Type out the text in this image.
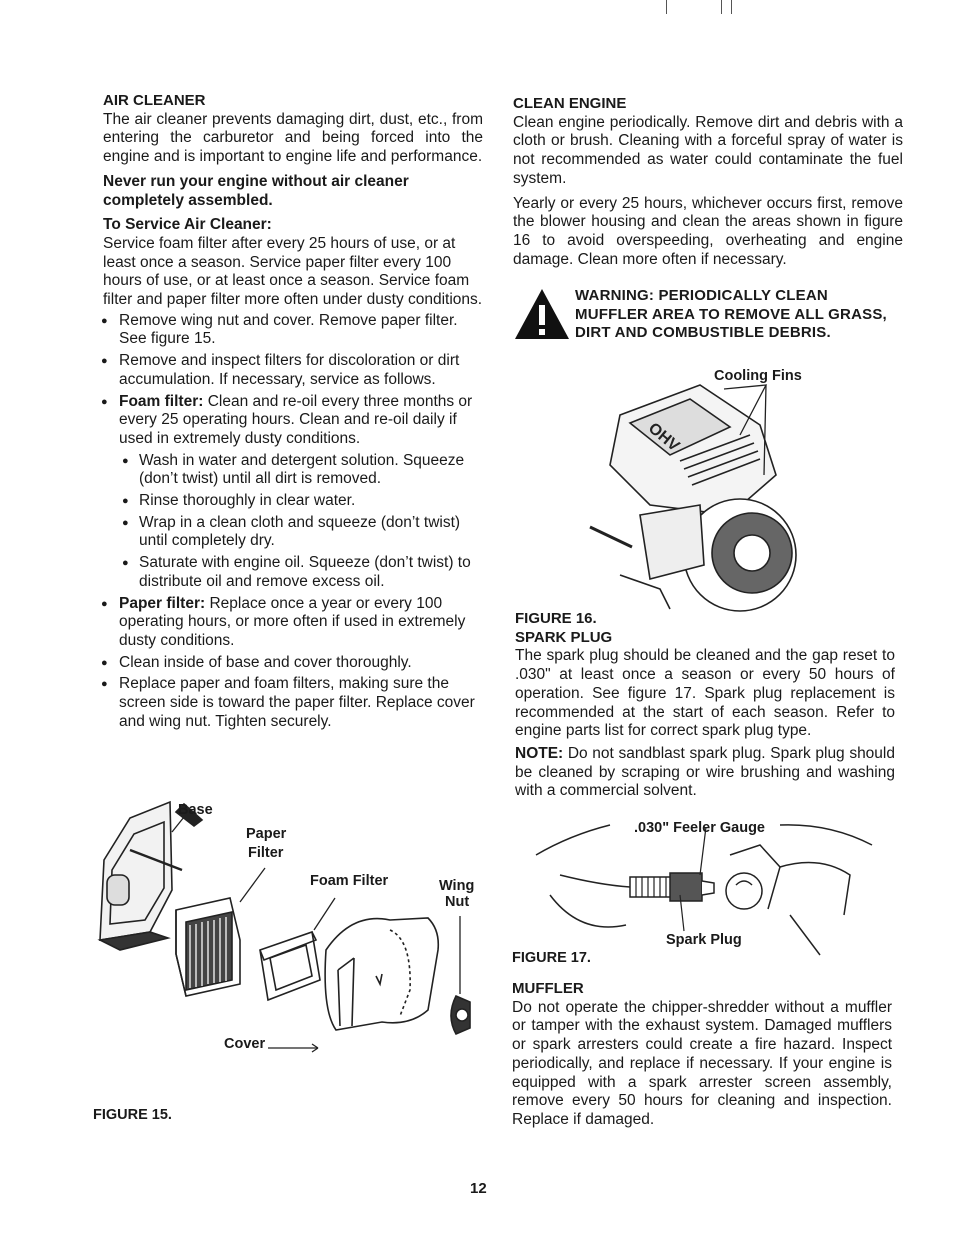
AIR CLEANER

The air cleaner prevents damaging dirt, dust, etc., from entering the carburetor and being forced into the engine and is important to engine life and performance.

Never run your engine without air cleaner completely assembled.

To Service Air Cleaner:

Service foam filter after every 25 hours of use, or at least once a season. Service paper filter every 100 hours of use, or at least once a season. Service foam filter and paper filter more often under dusty conditions.

● Remove wing nut and cover. Remove paper filter. See figure 15.
● Remove and inspect filters for discoloration or dirt accumulation. If necessary, service as follows.
● Foam filter: Clean and re-oil every three months or every 25 operating hours. Clean and re-oil daily if used in extremely dusty conditions.
● Wash in water and detergent solution. Squeeze (don’t twist) until all dirt is removed.
● Rinse thoroughly in clear water.
● Wrap in a clean cloth and squeeze (don’t twist) until completely dry.
● Saturate with engine oil. Squeeze (don’t twist) to distribute oil and remove excess oil.
● Paper filter: Replace once a year or every 100 operating hours, or more often if used in extremely dusty conditions.
● Clean inside of base and cover thoroughly.
● Replace paper and foam filters, making sure the screen side is toward the paper filter. Replace cover and wing nut. Tighten securely.
Base
Paper
Filter
Foam Filter	Wing
Nut
Cover
FIGURE 15.

CLEAN ENGINE

Clean engine periodically. Remove dirt and debris with a cloth or brush. Cleaning with a forceful spray of water is not recommended as water could contaminate the fuel system.

Yearly or every 25 hours, whichever occurs first, remove the blower housing and clean the areas shown in figure 16 to avoid overspeeding, overheating and engine damage. Clean more often if necessary.

WARNING: PERIODICALLY CLEAN MUFFLER AREA TO REMOVE ALL GRASS, DIRT AND COMBUSTIBLE DEBRIS.
OHV
Cooling Fins

FIGURE 16.

SPARK PLUG

The spark plug should be cleaned and the gap reset to .030" at least once a season or every 50 hours of operation. See figure 17. Spark plug replacement is recommended at the start of each season. Refer to engine parts list for correct spark plug type.

NOTE: Do not sandblast spark plug. Spark plug should be cleaned by scraping or wire brushing and washing with a commercial solvent.

.030" Feeler Gauge
Spark Plug
FIGURE 17.

MUFFLER

Do not operate the chipper-shredder without a muffler or tamper with the exhaust system. Damaged mufflers or spark arresters could create a fire hazard. Inspect periodically, and replace if necessary. If your engine is equipped with a spark arrester screen assembly, remove every 50 hours for cleaning and inspection. Replace if damaged.

12
